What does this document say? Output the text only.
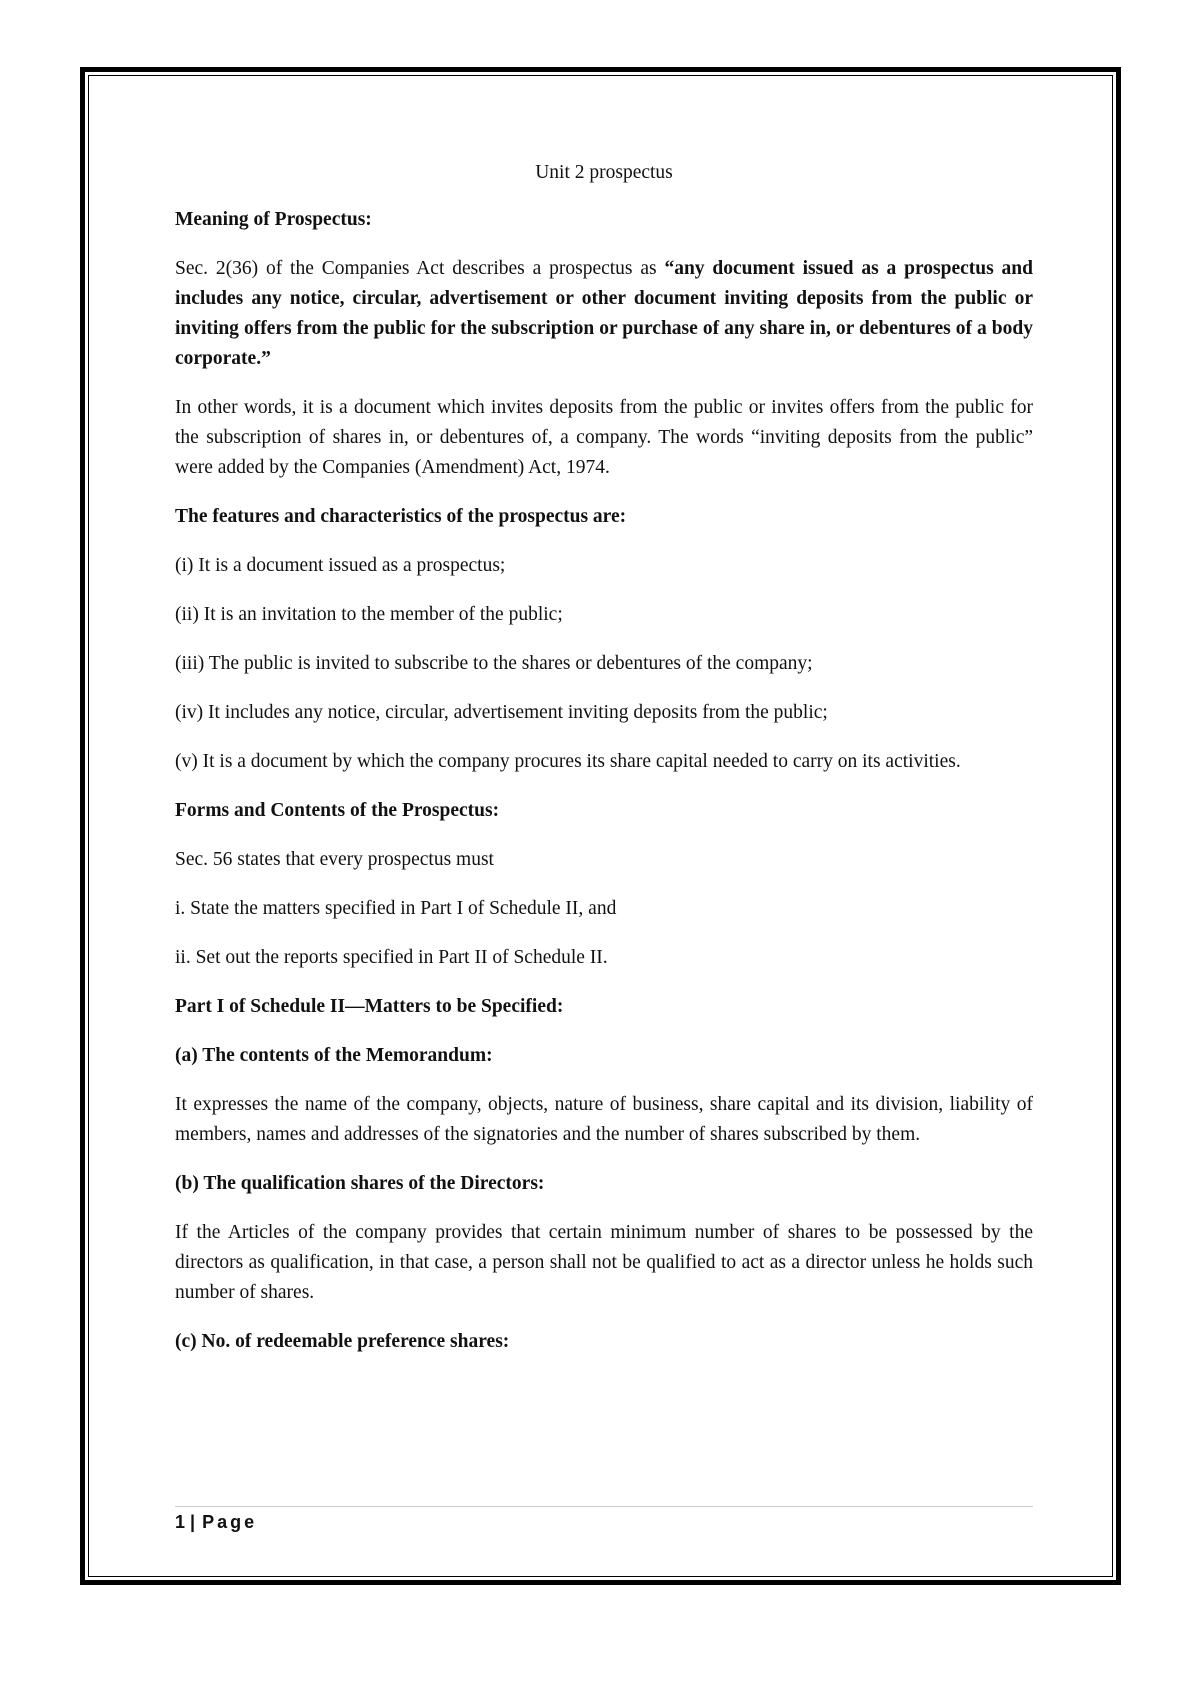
Unit 2 prospectus

Meaning of Prospectus:

Sec. 2(36) of the Companies Act describes a prospectus as “any document issued as a prospectus and includes any notice, circular, advertisement or other document inviting deposits from the public or inviting offers from the public for the subscription or purchase of any share in, or debentures of a body corporate.”

In other words, it is a document which invites deposits from the public or invites offers from the public for the subscription of shares in, or debentures of, a company. The words “inviting deposits from the public” were added by the Companies (Amendment) Act, 1974.

The features and characteristics of the prospectus are:

(i) It is a document issued as a prospectus;

(ii) It is an invitation to the member of the public;

(iii) The public is invited to subscribe to the shares or debentures of the company;

(iv) It includes any notice, circular, advertisement inviting deposits from the public;

(v) It is a document by which the company procures its share capital needed to carry on its activities.

Forms and Contents of the Prospectus:

Sec. 56 states that every prospectus must

i. State the matters specified in Part I of Schedule II, and

ii. Set out the reports specified in Part II of Schedule II.

Part I of Schedule II—Matters to be Specified:

(a) The contents of the Memorandum:

It expresses the name of the company, objects, nature of business, share capital and its division, liability of members, names and addresses of the signatories and the number of shares subscribed by them.

(b) The qualification shares of the Directors:

If the Articles of the company provides that certain minimum number of shares to be possessed by the directors as qualification, in that case, a person shall not be qualified to act as a director unless he holds such number of shares.

(c) No. of redeemable preference shares:

1 | Page
